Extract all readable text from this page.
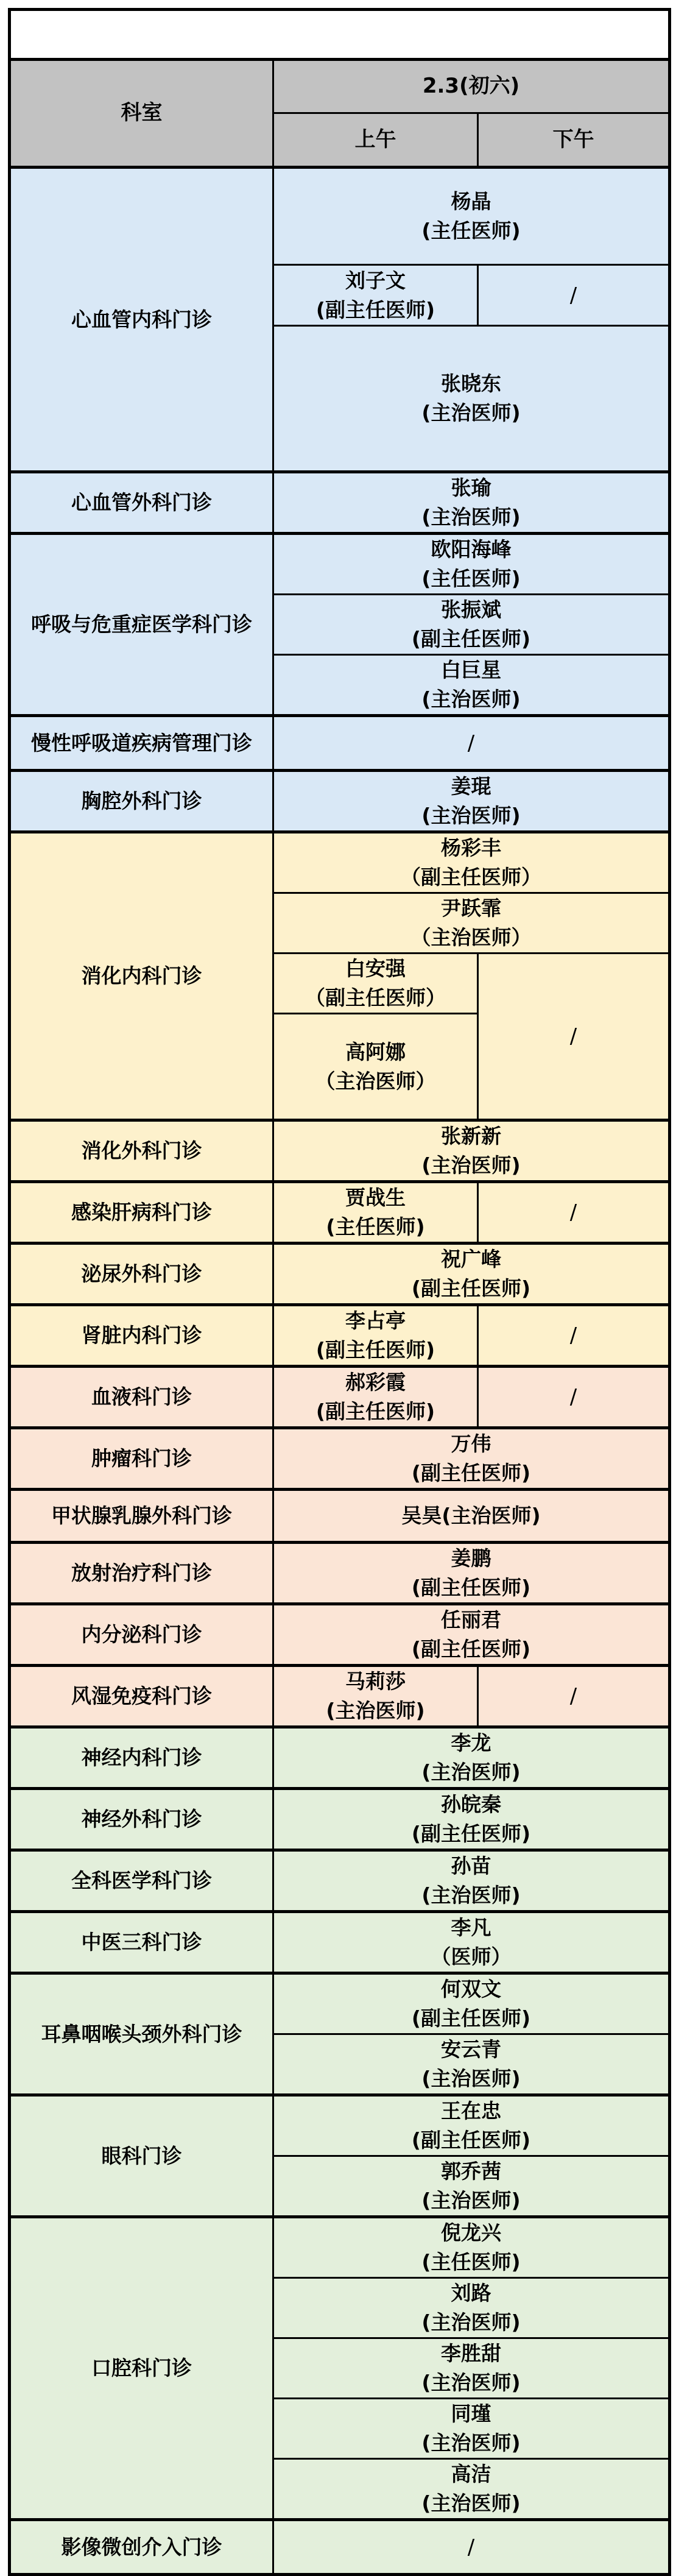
科室	2.3(初六)	

	上午	下午

心血管内科门诊	杨晶
(主任医师)	

	刘子文
(副主任医师)	/

	张晓东
(主治医师)	

心血管外科门诊	张瑜
(主治医师)	

呼吸与危重症医学科门诊	欧阳海峰
(主任医师)	

	张振斌
(副主任医师)	

	白巨星
(主治医师)	

慢性呼吸道疾病管理门诊	/	

胸腔外科门诊	姜琨
(主治医师)	

消化内科门诊	杨彩丰
（副主任医师）	

	尹跃霏
（主治医师）	

	白安强
（副主任医师）	/

	高阿娜
（主治医师）	

消化外科门诊	张新新
(主治医师)	

感染肝病科门诊	贾战生
(主任医师)	/

泌尿外科门诊	祝广峰
(副主任医师)	

肾脏内科门诊	李占亭
(副主任医师)	/

血液科门诊	郝彩霞
(副主任医师)	/

肿瘤科门诊	万伟
(副主任医师)	

甲状腺乳腺外科门诊	吴昊(主治医师)	

放射治疗科门诊	姜鹏
(副主任医师)	

内分泌科门诊	任丽君
(副主任医师)	

风湿免疫科门诊	马莉莎
(主治医师)	/

神经内科门诊	李龙
(主治医师)	

神经外科门诊	孙皖秦
(副主任医师)	

全科医学科门诊	孙苗
(主治医师)	

中医三科门诊	李凡
（医师）	

耳鼻咽喉头颈外科门诊	何双文
(副主任医师)	

	安云青
(主治医师)	

眼科门诊	王在忠
(副主任医师)	

	郭乔茜
(主治医师)	

口腔科门诊	倪龙兴
(主任医师)	

	刘路
(主治医师)	

	李胜甜
(主治医师)	

	同瑾
(主治医师)	

	高洁
(主治医师)	

影像微创介入门诊	/	
